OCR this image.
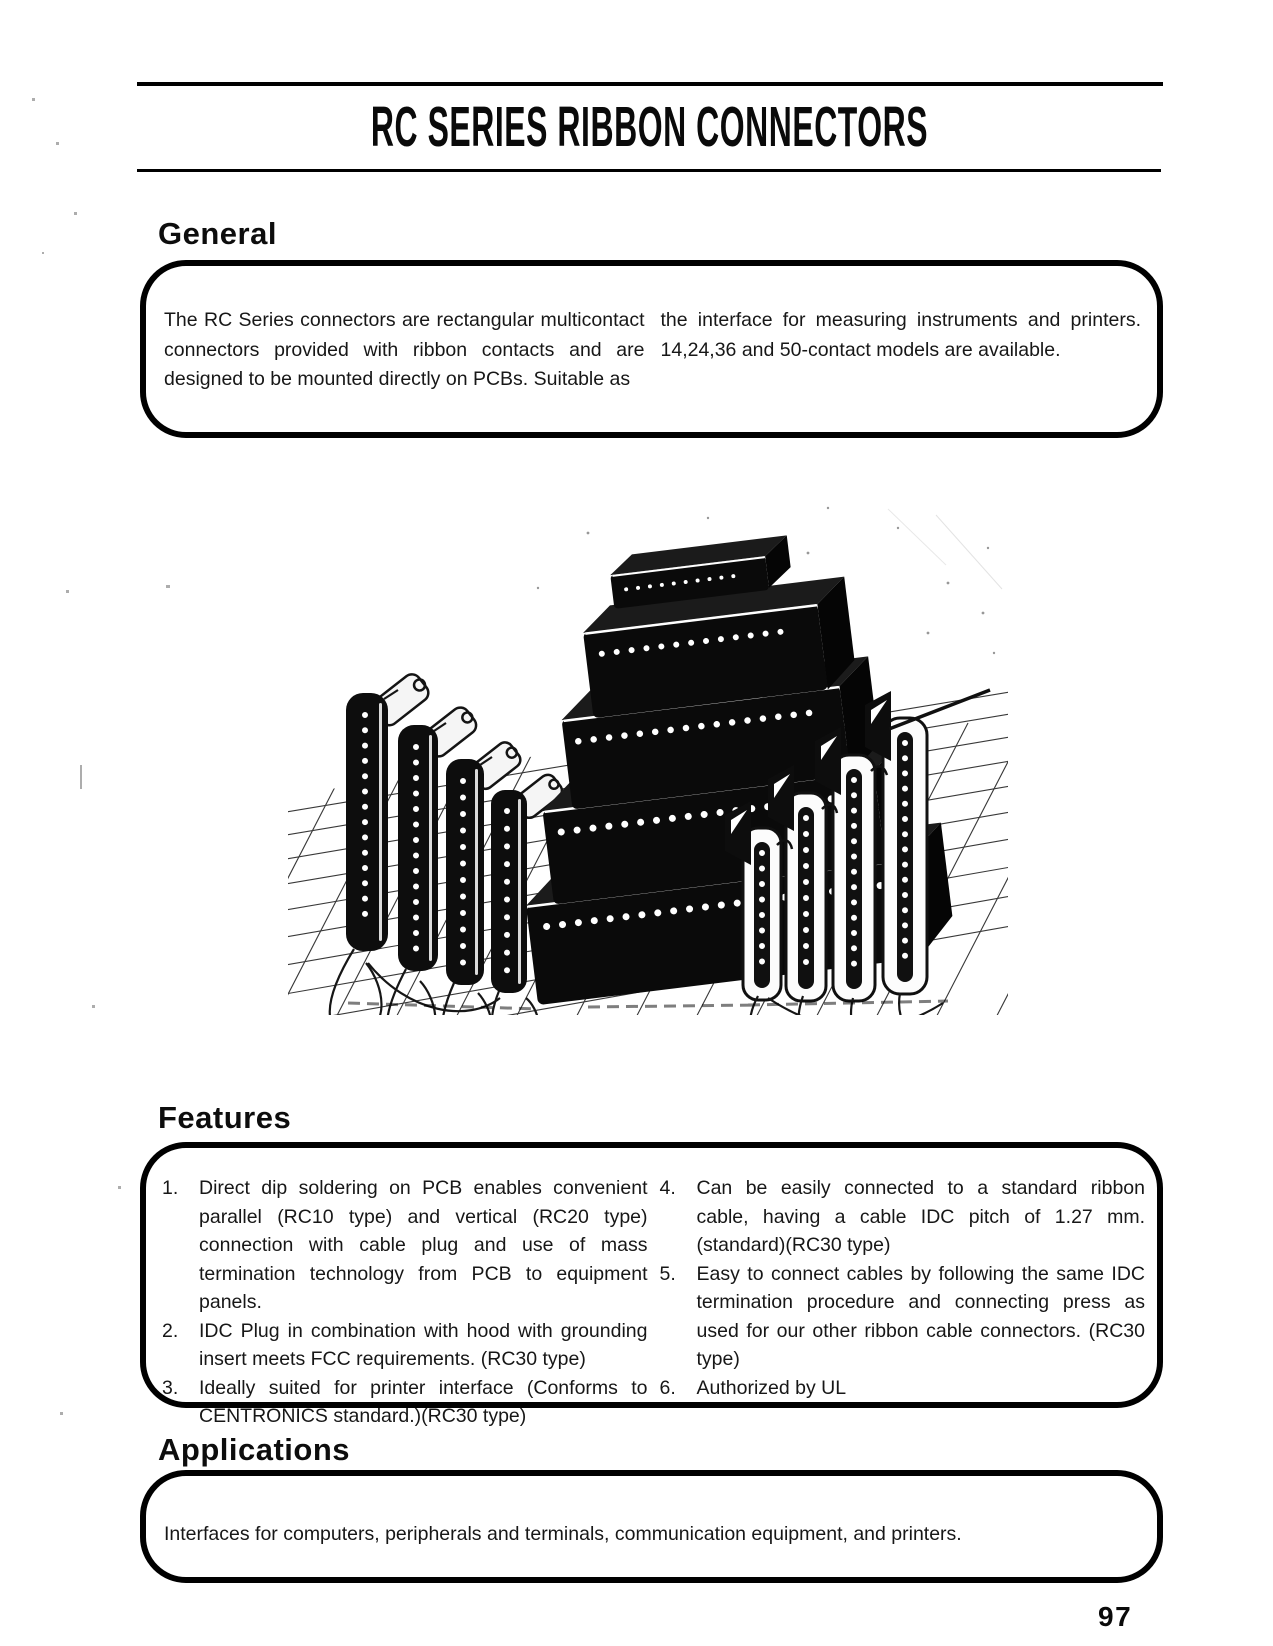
RC SERIES RIBBON CONNECTORS
General
The RC Series connectors are rectangular multicontact connectors provided with ribbon contacts and are designed to be mounted directly on PCBs. Suitable as
the interface for measuring instruments and printers. 14,24,36 and 50-contact models are available.
Features
1.	Direct dip soldering on PCB enables convenient parallel (RC10 type) and vertical (RC20 type) connection with cable plug and use of mass termination technology from PCB to equipment panels.
2.	IDC Plug in combination with hood with grounding insert meets FCC requirements. (RC30 type)
3.	Ideally suited for printer interface (Conforms to CENTRONICS standard.)(RC30 type)
4.	Can be easily connected to a standard ribbon cable, having a cable IDC pitch of 1.27 mm. (standard)(RC30 type)
5.	Easy to connect cables by following the same IDC termination procedure and connecting press as used for our other ribbon cable connectors. (RC30 type)
6.	Authorized by UL
Applications
Interfaces for computers, peripherals and terminals, communication equipment, and printers.
97
